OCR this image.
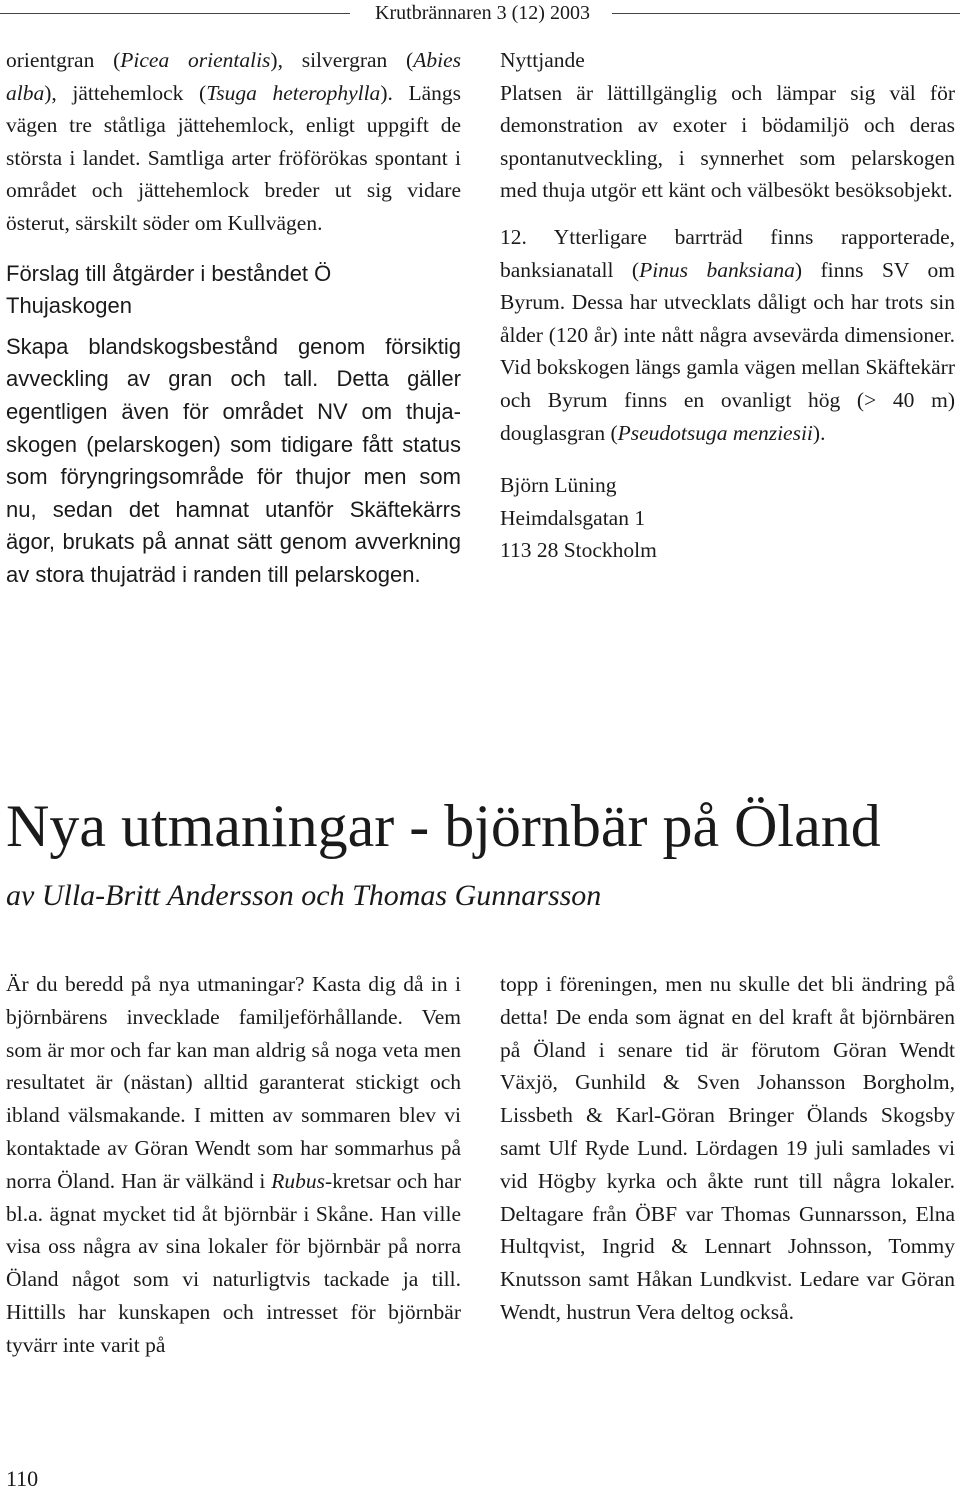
Krutbrännaren 3 (12) 2003

orientgran (Picea orientalis), silvergran (Abies alba), jättehemlock (Tsuga heterophylla). Längs vägen tre ståtliga jättehemlock, enligt uppgift de största i landet. Samtliga arter fröförökas spontant i området och jättehemlock breder ut sig vidare österut, särskilt söder om Kullvägen.

Förslag till åtgärder i beståndet Ö Thujaskogen

Skapa blandskogsbestånd genom försiktig avveckling av gran och tall. Detta gäller egentligen även för området NV om thuja-skogen (pelarskogen) som tidigare fått status som föryngringsområde för thujor men som nu, sedan det hamnat utanför Skäftekärrs ägor, brukats på annat sätt genom avverkning av stora thujaträd i randen till pelarskogen.

Nyttjande

Platsen är lättillgänglig och lämpar sig väl för demonstration av exoter i bödamiljö och deras spontanutveckling, i synnerhet som pelarskogen med thuja utgör ett känt och välbesökt besöksobjekt.

12. Ytterligare barrträd finns rapporterade, banksianatall (Pinus banksiana) finns SV om Byrum. Dessa har utvecklats dåligt och har trots sin ålder (120 år) inte nått några avsevärda dimensioner. Vid bokskogen längs gamla vägen mellan Skäftekärr och Byrum finns en ovanligt hög (> 40 m) douglasgran (Pseudotsuga menziesii).

Björn Lüning

Heimdalsgatan 1

113 28 Stockholm

Nya utmaningar - björnbär på Öland
av Ulla-Britt Andersson och Thomas Gunnarsson

Är du beredd på nya utmaningar? Kasta dig då in i björnbärens invecklade familjeförhållande. Vem som är mor och far kan man aldrig så noga veta men resultatet är (nästan) alltid garanterat stickigt och ibland välsmakande. I mitten av sommaren blev vi kontaktade av Göran Wendt som har sommarhus på norra Öland. Han är välkänd i Rubus-kretsar och har bl.a. ägnat mycket tid åt björnbär i Skåne. Han ville visa oss några av sina lokaler för björnbär på norra Öland något som vi naturligtvis tackade ja till. Hittills har kunskapen och intresset för björnbär tyvärr inte varit på

topp i föreningen, men nu skulle det bli ändring på detta! De enda som ägnat en del kraft åt björnbären på Öland i senare tid är förutom Göran Wendt Växjö, Gunhild & Sven Johansson Borgholm, Lissbeth & Karl-Göran Bringer Ölands Skogsby samt Ulf Ryde Lund. Lördagen 19 juli samlades vi vid Högby kyrka och åkte runt till några lokaler. Deltagare från ÖBF var Thomas Gunnarsson, Elna Hultqvist, Ingrid & Lennart Johnsson, Tommy Knutsson samt Håkan Lundkvist. Ledare var Göran Wendt, hustrun Vera deltog också.

110
